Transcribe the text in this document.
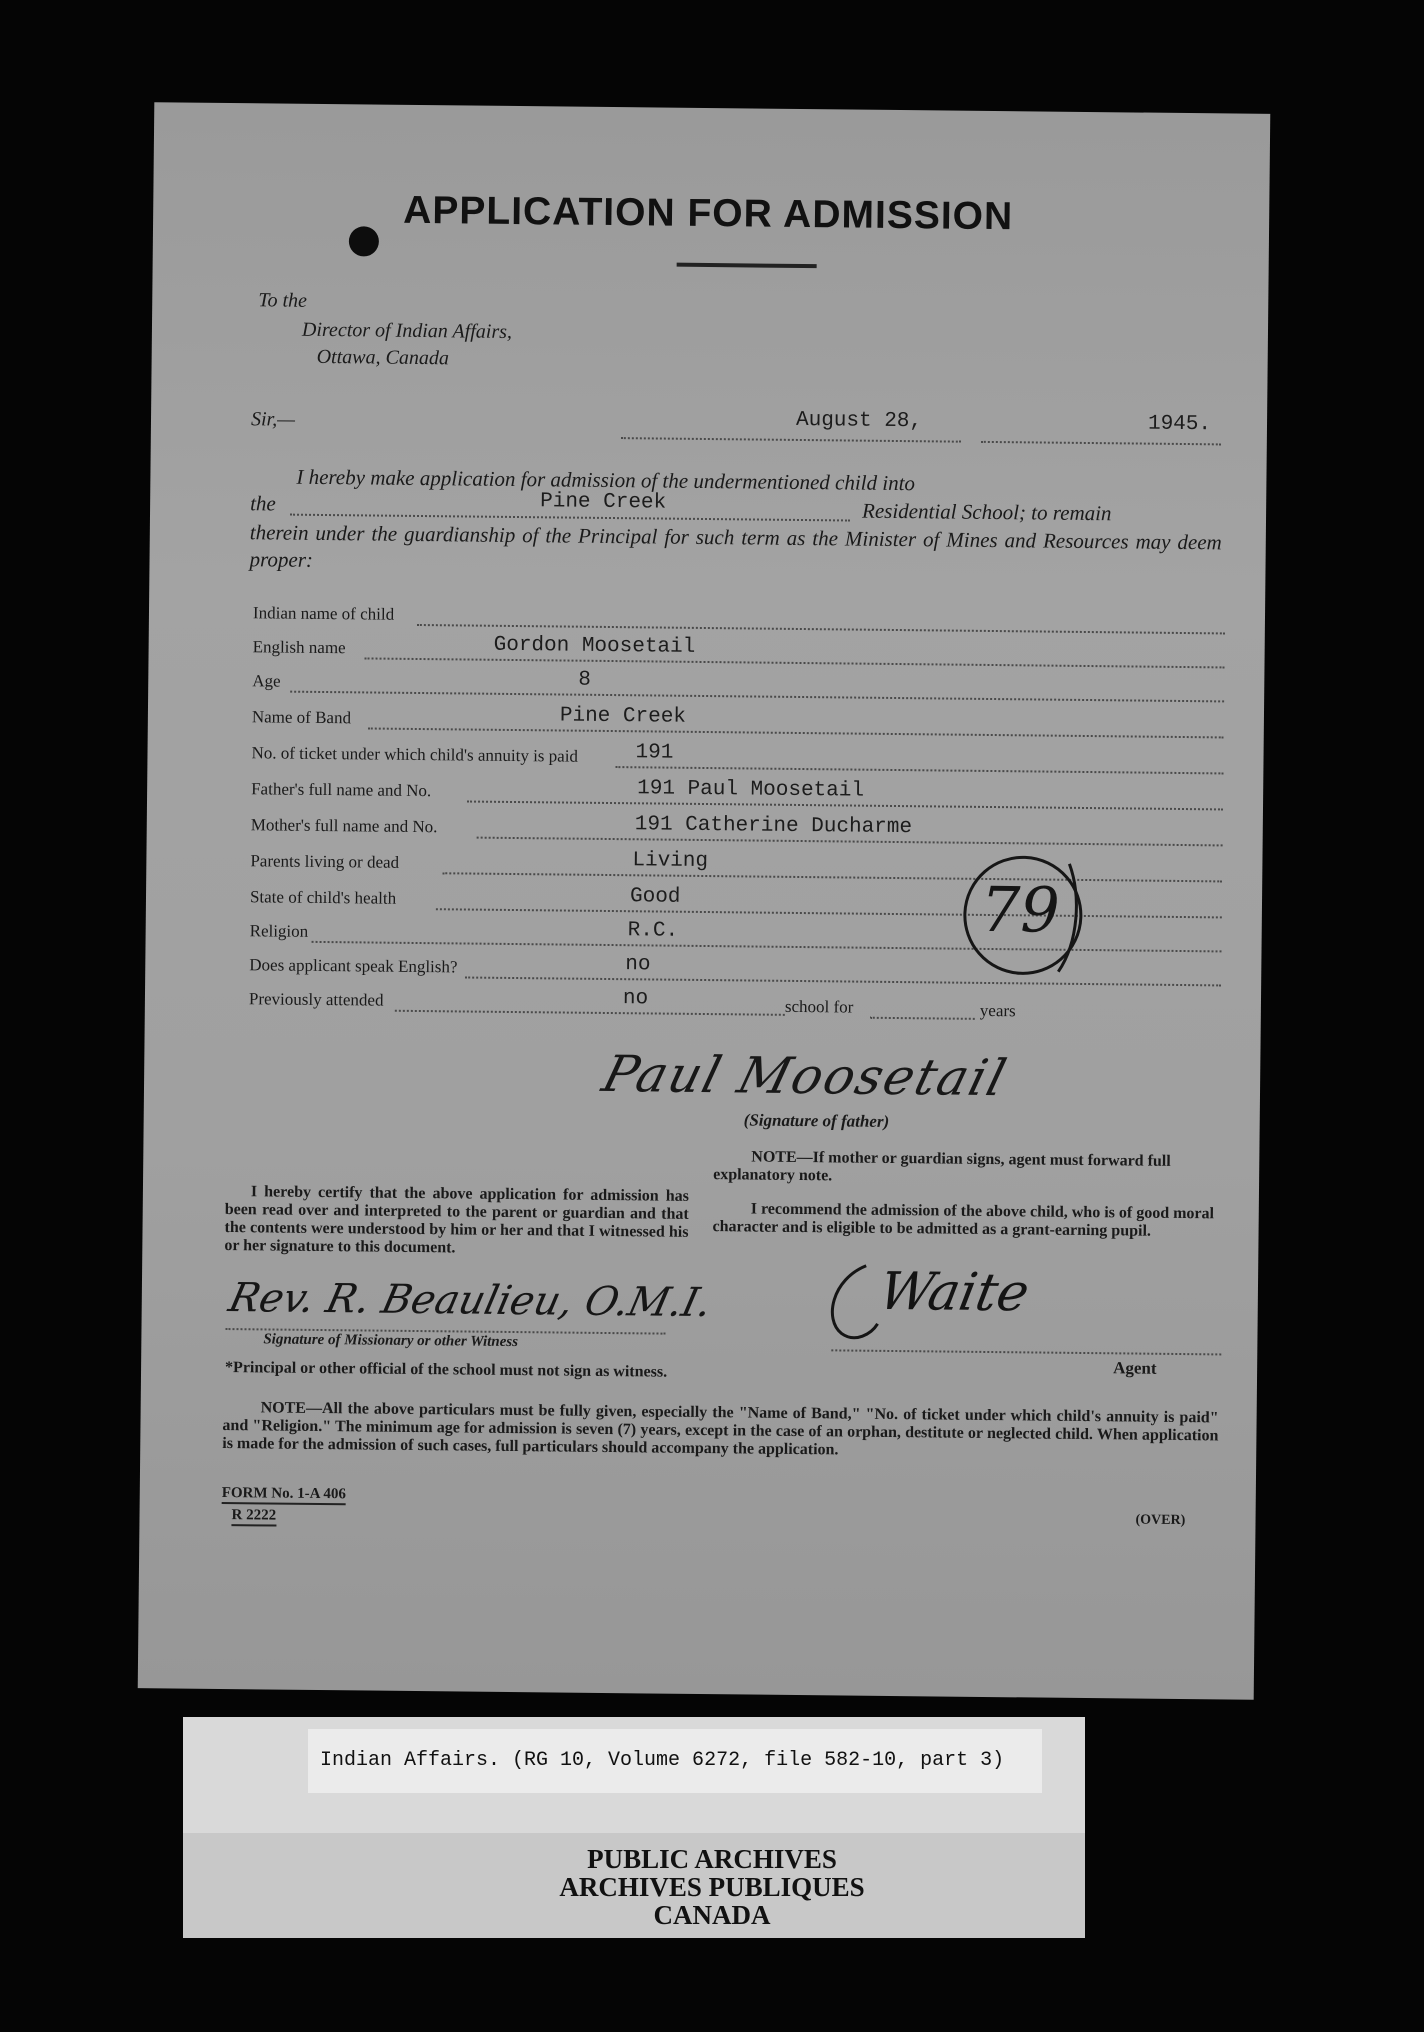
APPLICATION FOR ADMISSION
To the
Director of Indian Affairs,
Ottawa, Canada
Sir,—	August 28,	1945.
I hereby make application for admission of the undermentioned child into
the	Pine Creek	Residential School; to remain
therein under the guardianship of the Principal for such term as the Minister of Mines and Resources may deem proper:
Indian name of child
English name	Gordon Moosetail
Age	8
Name of Band	Pine Creek
No. of ticket under which child's annuity is paid	191
Father's full name and No.	191 Paul Moosetail
Mother's full name and No.	191 Catherine Ducharme
Parents living or dead	Living
State of child's health	Good
Religion	R.C.
Does applicant speak English?	no
Previously attended	no	school for	years
79
Paul Moosetail
(Signature of father)
NOTE—If mother or guardian signs, agent must forward full explanatory note.
I recommend the admission of the above child, who is of good moral character and is eligible to be admitted as a grant-earning pupil.
I hereby certify that the above application for admission has been read over and interpreted to the parent or guardian and that the contents were understood by him or her and that I witnessed his or her signature to this document.
Rev. R. Beaulieu, O.M.I.
Signature of Missionary or other Witness
*Principal or other official of the school must not sign as witness.
Waite
Agent
NOTE—All the above particulars must be fully given, especially the "Name of Band," "No. of ticket under which child's annuity is paid" and "Religion." The minimum age for admission is seven (7) years, except in the case of an orphan, destitute or neglected child. When application is made for the admission of such cases, full particulars should accompany the application.
FORM No. 1-A 406
R 2222	(OVER)
Indian Affairs. (RG 10, Volume 6272, file 582-10, part 3)
PUBLIC ARCHIVES
ARCHIVES PUBLIQUES
CANADA
